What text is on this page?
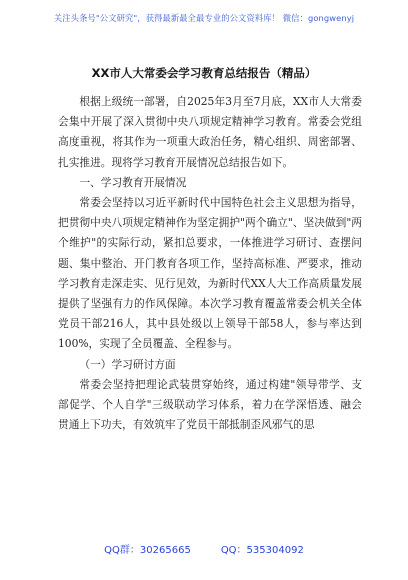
关注头条号"公文研究"，获得最新最全最专业的公文资料库！ 微信：gongwenyj
XX市人大常委会学习教育总结报告（精品）

根据上级统一部署，自2025年3月至7月底，XX市人大常委会集中开展了深入贯彻中央八项规定精神学习教育。常委会党组高度重视，将其作为一项重大政治任务，精心组织、周密部署、扎实推进。现将学习教育开展情况总结报告如下。

一、学习教育开展情况

常委会坚持以习近平新时代中国特色社会主义思想为指导，把贯彻中央八项规定精神作为坚定拥护"两个确立"、坚决做到"两个维护"的实际行动，紧扣总要求，一体推进学习研讨、查摆问题、集中整治、开门教育各项工作，坚持高标准、严要求，推动学习教育走深走实、见行见效，为新时代XX人大工作高质量发展提供了坚强有力的作风保障。本次学习教育覆盖常委会机关全体党员干部216人，其中县处级以上领导干部58人，参与率达到100%，实现了全员覆盖、全程参与。

（一）学习研讨方面

常委会坚持把理论武装贯穿始终，通过构建"领导带学、支部促学、个人自学"三级联动学习体系，着力在学深悟透、融会贯通上下功夫，有效筑牢了党员干部抵制歪风邪气的思

QQ群：30265665	QQ：535304092
